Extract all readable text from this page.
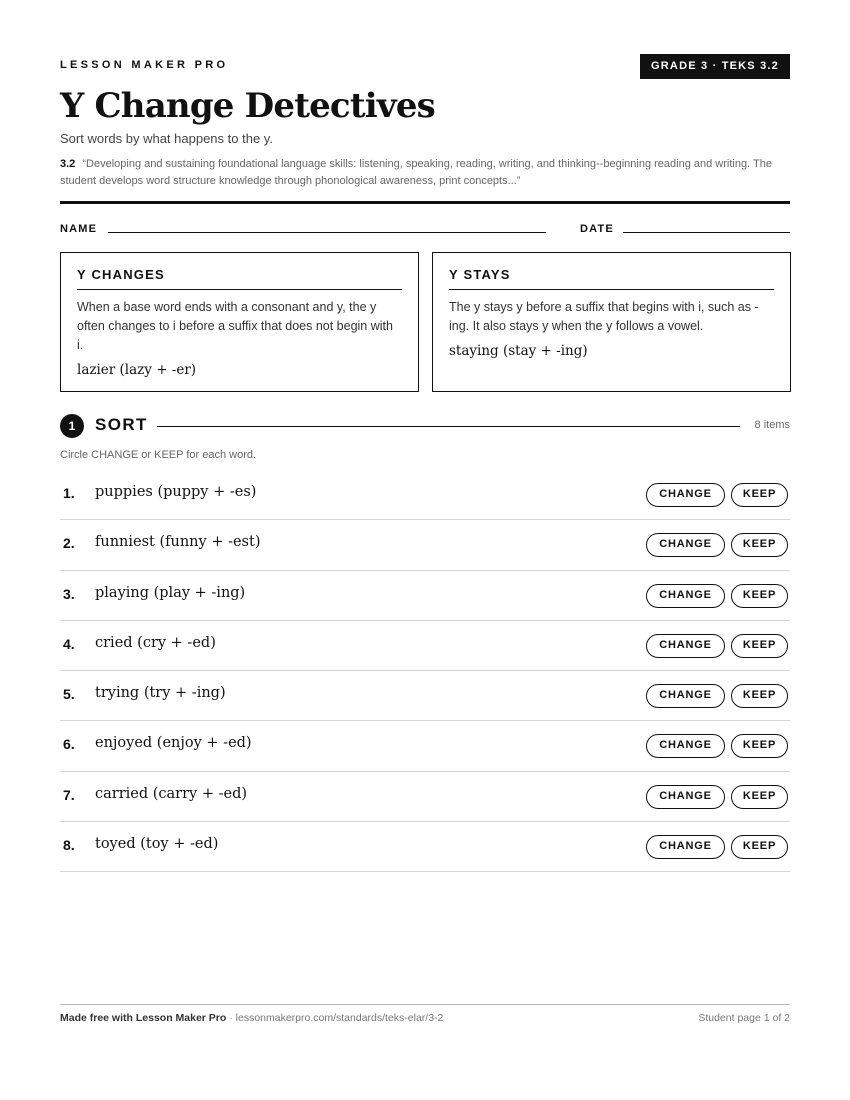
LESSON MAKER PRO	GRADE 3 · TEKS 3.2
Y Change Detectives
Sort words by what happens to the y.
3.2 “Developing and sustaining foundational language skills: listening, speaking, reading, writing, and thinking--beginning reading and writing. The student develops word structure knowledge through phonological awareness, print concepts...”
NAME	DATE
Y CHANGES

When a base word ends with a consonant and y, the y often changes to i before a suffix that does not begin with i.

lazier (lazy + -er)

Y STAYS

The y stays y before a suffix that begins with i, such as -ing. It also stays y when the y follows a vowel.

staying (stay + -ing)

1	SORT	8 items
Circle CHANGE or KEEP for each word.
1. puppies (puppy + -es)	CHANGE	KEEP
2. funniest (funny + -est)	CHANGE	KEEP
3. playing (play + -ing)	CHANGE	KEEP
4. cried (cry + -ed)	CHANGE	KEEP
5. trying (try + -ing)	CHANGE	KEEP
6. enjoyed (enjoy + -ed)	CHANGE	KEEP
7. carried (carry + -ed)	CHANGE	KEEP
8. toyed (toy + -ed)	CHANGE	KEEP
Made free with Lesson Maker Pro · lessonmakerpro.com/standards/teks-elar/3-2	Student page 1 of 2
